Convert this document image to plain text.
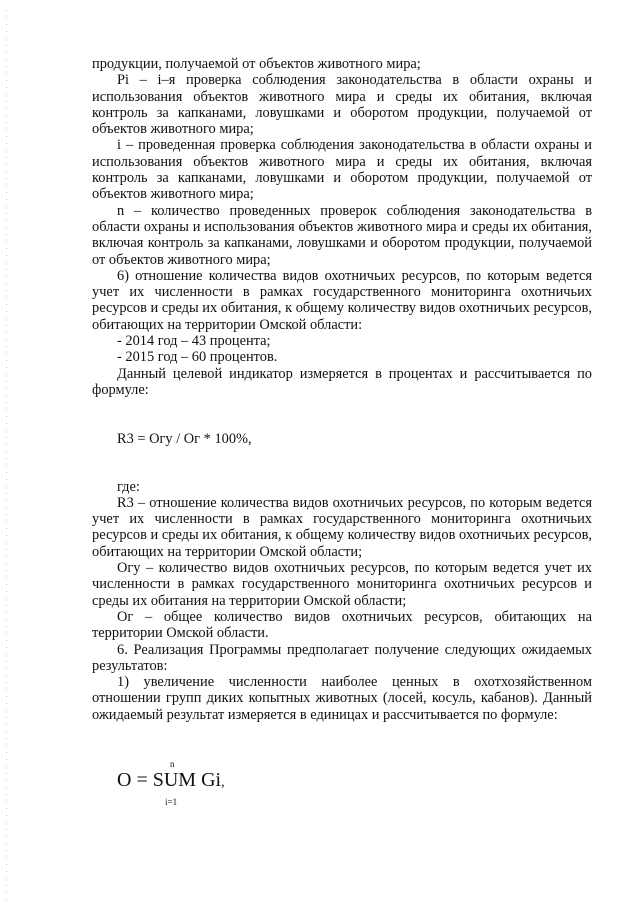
продукции, получаемой от объектов животного мира;

Pi – i–я проверка соблюдения законодательства в области охраны и использования объектов животного мира и среды их обитания, включая контроль за капканами, ловушками и оборотом продукции, получаемой от объектов животного мира;

i – проведенная проверка соблюдения законодательства в области охраны и использования объектов животного мира и среды их обитания, включая контроль за капканами, ловушками и оборотом продукции, получаемой от объектов животного мира;

n – количество проведенных проверок соблюдения законодательства в области охраны и использования объектов животного мира и среды их обитания, включая контроль за капканами, ловушками и оборотом продукции, получаемой от объектов животного мира;

6) отношение количества видов охотничьих ресурсов, по которым ведется учет их численности в рамках государственного мониторинга охотничьих ресурсов и среды их обитания, к общему количеству видов охотничьих ресурсов, обитающих на территории Омской области:

- 2014 год – 43 процента;

- 2015 год – 60 процентов.

Данный целевой индикатор измеряется в процентах и рассчитывается по формуле:

R3 = Oгу / Oг * 100%,

где:

R3 – отношение количества видов охотничьих ресурсов, по которым ведется учет их численности в рамках государственного мониторинга охотничьих ресурсов и среды их обитания, к общему количеству видов охотничьих ресурсов, обитающих на территории Омской области;

Oгу – количество видов охотничьих ресурсов, по которым ведется учет их численности в рамках государственного мониторинга охотничьих ресурсов и среды их обитания на территории Омской области;

Oг – общее количество видов охотничьих ресурсов, обитающих на территории Омской области.

6. Реализация Программы предполагает получение следующих ожидаемых результатов:

1) увеличение численности наиболее ценных в охотхозяйственном отношении групп диких копытных животных (лосей, косуль, кабанов). Данный ожидаемый результат измеряется в единицах и рассчитывается по формуле:

n
O = SUM Gi,
i=1
